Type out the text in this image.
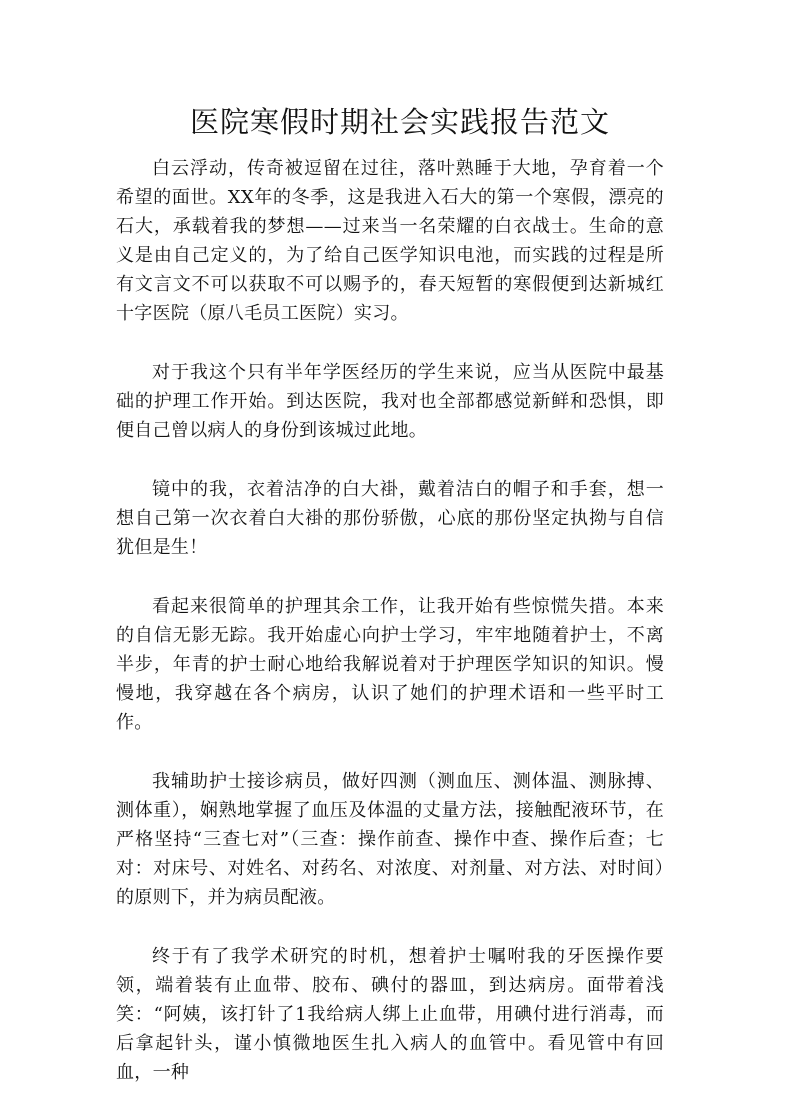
医院寒假时期社会实践报告范文

白云浮动，传奇被逗留在过往，落叶熟睡于大地，孕育着一个希望的面世。XX年的冬季，这是我进入石大的第一个寒假，漂亮的石大，承载着我的梦想——过来当一名荣耀的白衣战士。生命的意义是由自己定义的，为了给自己医学知识电池，而实践的过程是所有文言文不可以获取不可以赐予的，春天短暂的寒假便到达新城红十字医院（原八毛员工医院）实习。

对于我这个只有半年学医经历的学生来说，应当从医院中最基础的护理工作开始。到达医院，我对也全部都感觉新鲜和恐惧，即便自己曾以病人的身份到该城过此地。

镜中的我，衣着洁净的白大褂，戴着洁白的帽子和手套，想一想自己第一次衣着白大褂的那份骄傲，心底的那份坚定执拗与自信犹但是生！

看起来很简单的护理其余工作，让我开始有些惊慌失措。本来的自信无影无踪。我开始虚心向护士学习，牢牢地随着护士，不离半步，年青的护士耐心地给我解说着对于护理医学知识的知识。慢慢地，我穿越在各个病房，认识了她们的护理术语和一些平时工作。

我辅助护士接诊病员，做好四测（测血压、测体温、测脉搏、测体重），娴熟地掌握了血压及体温的丈量方法，接触配液环节，在严格坚持“三查七对”（三查：操作前查、操作中查、操作后查；七对：对床号、对姓名、对药名、对浓度、对剂量、对方法、对时间）的原则下，并为病员配液。

终于有了我学术研究的时机，想着护士嘱咐我的牙医操作要领，端着装有止血带、胶布、碘付的器皿，到达病房。面带着浅笑：“阿姨，该打针了1我给病人绑上止血带，用碘付进行消毒，而后拿起针头，谨小慎微地医生扎入病人的血管中。看见管中有回血，一种
